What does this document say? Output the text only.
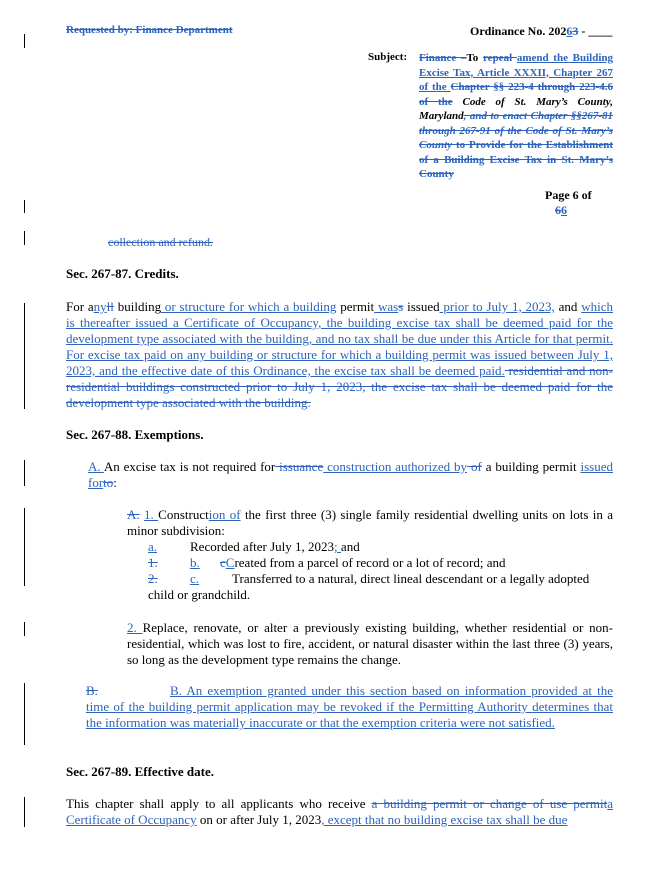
Requested by: Finance Department	Ordinance No. 20263 - ____
Subject: Finance –To repeal amend the Building Excise Tax, Article XXXII, Chapter 267 of the Chapter §§ 223-4 through 223-4.6 of the Code of St. Mary’s County, Maryland, and to enact Chapter §§267-81 through 267-91 of the Code of St. Mary’s County to Provide for the Establishment of a Building Excise Tax in St. Mary’s County
Page 6 of
66
collection and refund.
Sec. 267-87. Credits.
For anyll building or structure for which a building permit wass issued prior to July 1, 2023, and which is thereafter issued a Certificate of Occupancy, the building excise tax shall be deemed paid for the development type associated with the building, and no tax shall be due under this Article for that permit. For excise tax paid on any building or structure for which a building permit was issued between July 1, 2023, and the effective date of this Ordinance, the excise tax shall be deemed paid. residential and non-residential buildings constructed prior to July 1, 2023, the excise tax shall be deemed paid for the development type associated with the building.
Sec. 267-88. Exemptions.
A. An excise tax is not required for issuance construction authorized by of a building permit issued forto:
A. 1. Construction of the first three (3) single family residential dwelling units on lots in a minor subdivision:
a.	Recorded after July 1, 2023; and
1. b. cCreated from a parcel of record or a lot of record; and
2. c.	Transferred to a natural, direct lineal descendant or a legally adopted child or grandchild.
2. Replace, renovate, or alter a previously existing building, whether residential or non-residential, which was lost to fire, accident, or natural disaster within the last three (3) years, so long as the development type remains the change.
B.	B. An exemption granted under this section based on information provided at the time of the building permit application may be revoked if the Permitting Authority determines that the information was materially inaccurate or that the exemption criteria were not satisfied.
Sec. 267-89. Effective date.
This chapter shall apply to all applicants who receive a building permit or change of use permita Certificate of Occupancy on or after July 1, 2023, except that no building excise tax shall be due
